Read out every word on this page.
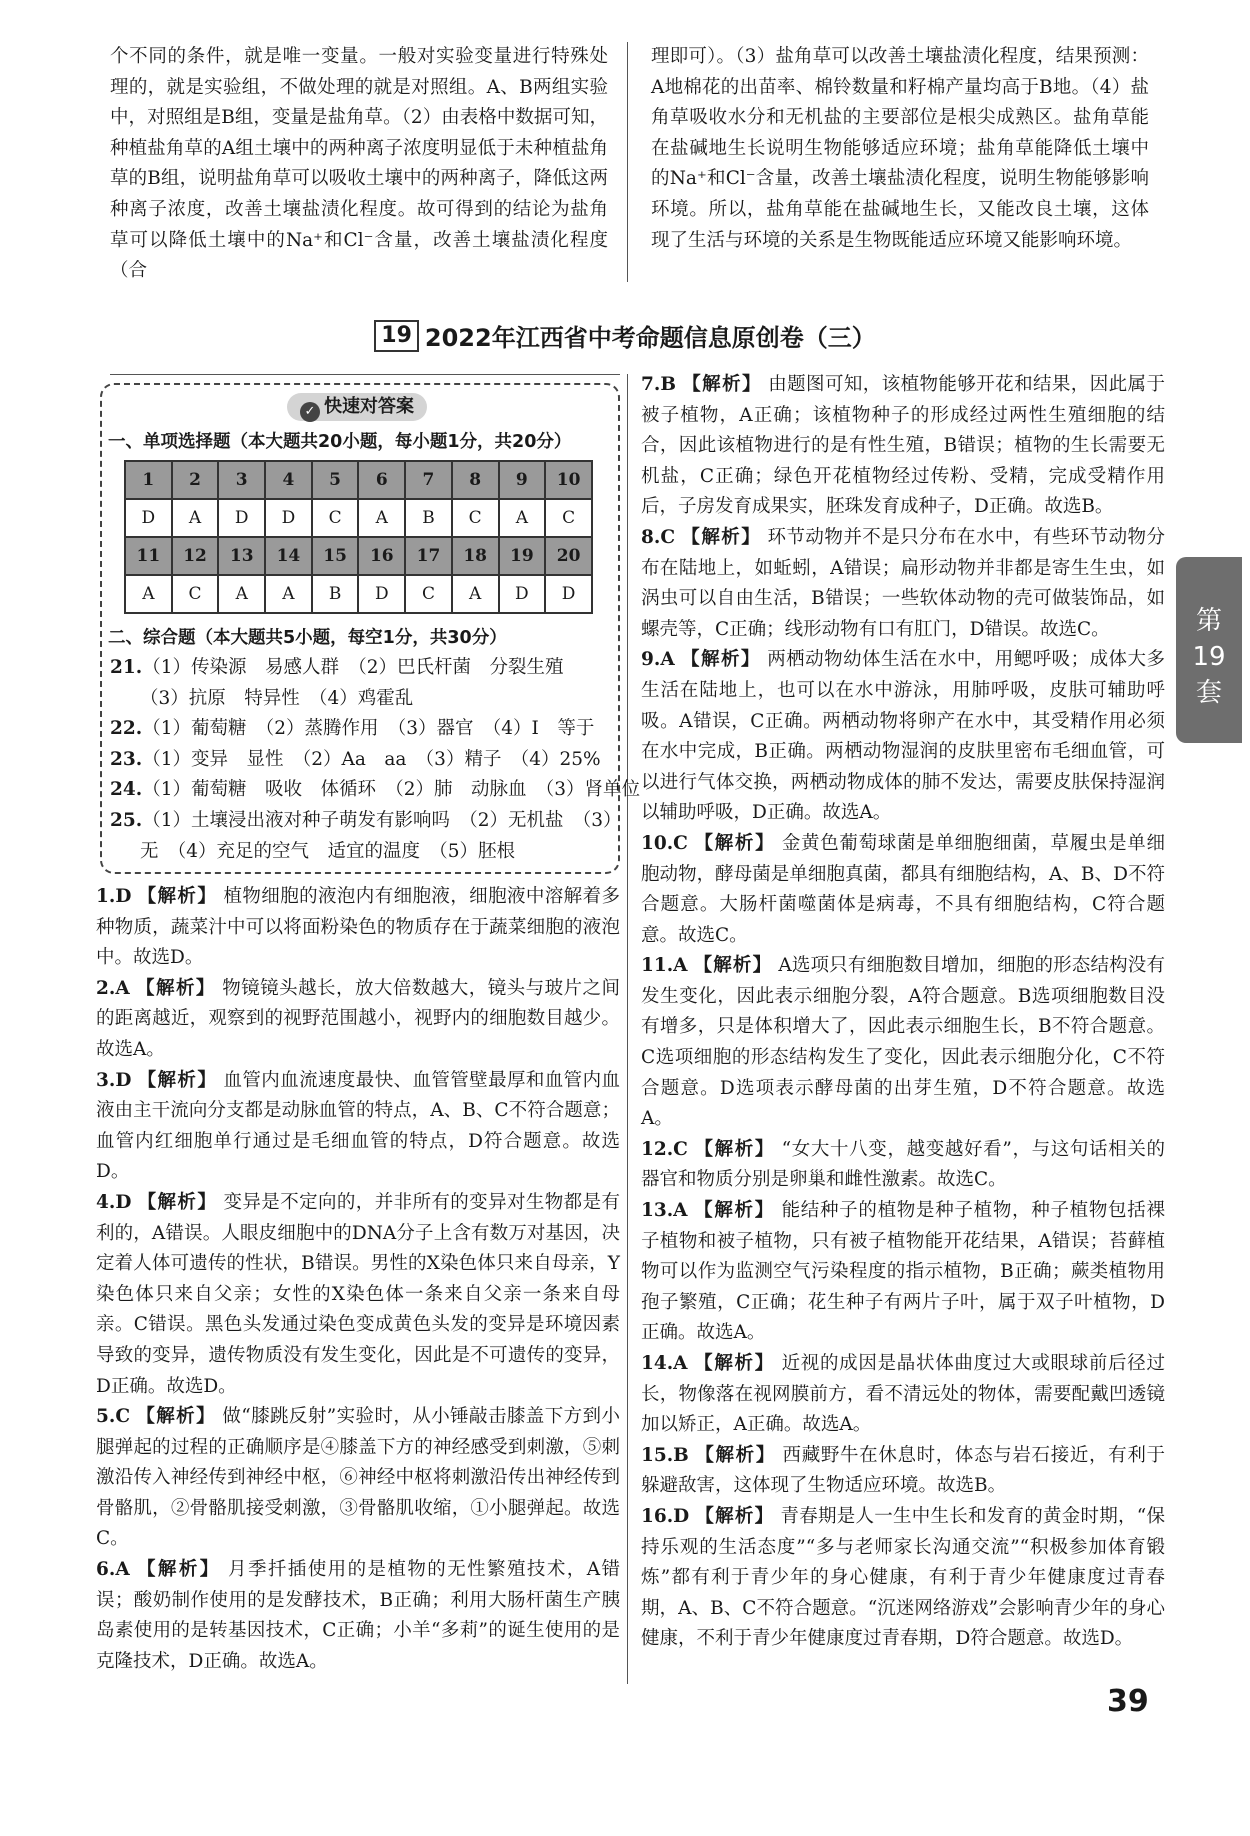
个不同的条件，就是唯一变量。一般对实验变量进行特殊处理的，就是实验组，不做处理的就是对照组。A、B两组实验中，对照组是B组，变量是盐角草。（2）由表格中数据可知，种植盐角草的A组土壤中的两种离子浓度明显低于未种植盐角草的B组，说明盐角草可以吸收土壤中的两种离子，降低这两种离子浓度，改善土壤盐渍化程度。故可得到的结论为盐角草可以降低土壤中的Na⁺和Cl⁻含量，改善土壤盐渍化程度（合

理即可）。（3）盐角草可以改善土壤盐渍化程度，结果预测：A地棉花的出苗率、棉铃数量和籽棉产量均高于B地。（4）盐角草吸收水分和无机盐的主要部位是根尖成熟区。盐角草能在盐碱地生长说明生物能够适应环境；盐角草能降低土壤中的Na⁺和Cl⁻含量，改善土壤盐渍化程度，说明生物能够影响环境。所以，盐角草能在盐碱地生长，又能改良土壤，这体现了生活与环境的关系是生物既能适应环境又能影响环境。

19 2022年江西省中考命题信息原创卷（三）
✓ 快速对答案
一、单项选择题（本大题共20小题，每小题1分，共20分）
1	2	3	4	5	6	7	8	9	10
D	A	D	D	C	A	B	C	A	C
11	12	13	14	15	16	17	18	19	20
A	C	A	A	B	D	C	A	D	D
二、综合题（本大题共5小题，每空1分，共30分）
21.（1）传染源　易感人群　（2）巴氏杆菌　分裂生殖
（3）抗原　特异性　（4）鸡霍乱
22.（1）葡萄糖　（2）蒸腾作用　（3）器官　（4）Ⅰ　等于
23.（1）变异　显性　（2）Aa　aa　（3）精子　（4）25%
24.（1）葡萄糖　吸收　体循环　（2）肺　动脉血　（3）肾单位
25.（1）土壤浸出液对种子萌发有影响吗　（2）无机盐　（3）
无　（4）充足的空气　适宜的温度　（5）胚根

1.D 【解析】 植物细胞的液泡内有细胞液，细胞液中溶解着多种物质，蔬菜汁中可以将面粉染色的物质存在于蔬菜细胞的液泡中。故选D。

2.A 【解析】 物镜镜头越长，放大倍数越大，镜头与玻片之间的距离越近，观察到的视野范围越小，视野内的细胞数目越少。故选A。

3.D 【解析】 血管内血流速度最快、血管管壁最厚和血管内血液由主干流向分支都是动脉血管的特点，A、B、C不符合题意；血管内红细胞单行通过是毛细血管的特点，D符合题意。故选D。

4.D 【解析】 变异是不定向的，并非所有的变异对生物都是有利的，A错误。人眼皮细胞中的DNA分子上含有数万对基因，决定着人体可遗传的性状，B错误。男性的X染色体只来自母亲，Y染色体只来自父亲；女性的X染色体一条来自父亲一条来自母亲。C错误。黑色头发通过染色变成黄色头发的变异是环境因素导致的变异，遗传物质没有发生变化，因此是不可遗传的变异，D正确。故选D。

5.C 【解析】 做“膝跳反射”实验时，从小锤敲击膝盖下方到小腿弹起的过程的正确顺序是④膝盖下方的神经感受到刺激，⑤刺激沿传入神经传到神经中枢，⑥神经中枢将刺激沿传出神经传到骨骼肌，②骨骼肌接受刺激，③骨骼肌收缩，①小腿弹起。故选C。

6.A 【解析】 月季扦插使用的是植物的无性繁殖技术，A错误；酸奶制作使用的是发酵技术，B正确；利用大肠杆菌生产胰岛素使用的是转基因技术，C正确；小羊“多莉”的诞生使用的是克隆技术，D正确。故选A。

7.B 【解析】 由题图可知，该植物能够开花和结果，因此属于被子植物，A正确；该植物种子的形成经过两性生殖细胞的结合，因此该植物进行的是有性生殖，B错误；植物的生长需要无机盐，C正确；绿色开花植物经过传粉、受精，完成受精作用后，子房发育成果实，胚珠发育成种子，D正确。故选B。

8.C 【解析】 环节动物并不是只分布在水中，有些环节动物分布在陆地上，如蚯蚓，A错误；扁形动物并非都是寄生生虫，如涡虫可以自由生活，B错误；一些软体动物的壳可做装饰品，如螺壳等，C正确；线形动物有口有肛门，D错误。故选C。

9.A 【解析】 两栖动物幼体生活在水中，用鳃呼吸；成体大多生活在陆地上，也可以在水中游泳，用肺呼吸，皮肤可辅助呼吸。A错误，C正确。两栖动物将卵产在水中，其受精作用必须在水中完成，B正确。两栖动物湿润的皮肤里密布毛细血管，可以进行气体交换，两栖动物成体的肺不发达，需要皮肤保持湿润以辅助呼吸，D正确。故选A。

10.C 【解析】 金黄色葡萄球菌是单细胞细菌，草履虫是单细胞动物，酵母菌是单细胞真菌，都具有细胞结构，A、B、D不符合题意。大肠杆菌噬菌体是病毒，不具有细胞结构，C符合题意。故选C。

11.A 【解析】 A选项只有细胞数目增加，细胞的形态结构没有发生变化，因此表示细胞分裂，A符合题意。B选项细胞数目没有增多，只是体积增大了，因此表示细胞生长，B不符合题意。C选项细胞的形态结构发生了变化，因此表示细胞分化，C不符合题意。D选项表示酵母菌的出芽生殖，D不符合题意。故选A。

12.C 【解析】 “女大十八变，越变越好看”，与这句话相关的器官和物质分别是卵巢和雌性激素。故选C。

13.A 【解析】 能结种子的植物是种子植物，种子植物包括裸子植物和被子植物，只有被子植物能开花结果，A错误；苔藓植物可以作为监测空气污染程度的指示植物，B正确；蕨类植物用孢子繁殖，C正确；花生种子有两片子叶，属于双子叶植物，D正确。故选A。

14.A 【解析】 近视的成因是晶状体曲度过大或眼球前后径过长，物像落在视网膜前方，看不清远处的物体，需要配戴凹透镜加以矫正，A正确。故选A。

15.B 【解析】 西藏野牛在休息时，体态与岩石接近，有利于躲避敌害，这体现了生物适应环境。故选B。

16.D 【解析】 青春期是人一生中生长和发育的黄金时期，“保持乐观的生活态度”“多与老师家长沟通交流”“积极参加体育锻炼”都有利于青少年的身心健康，有利于青少年健康度过青春期，A、B、C不符合题意。“沉迷网络游戏”会影响青少年的身心健康，不利于青少年健康度过青春期，D符合题意。故选D。

第
19
套
39
